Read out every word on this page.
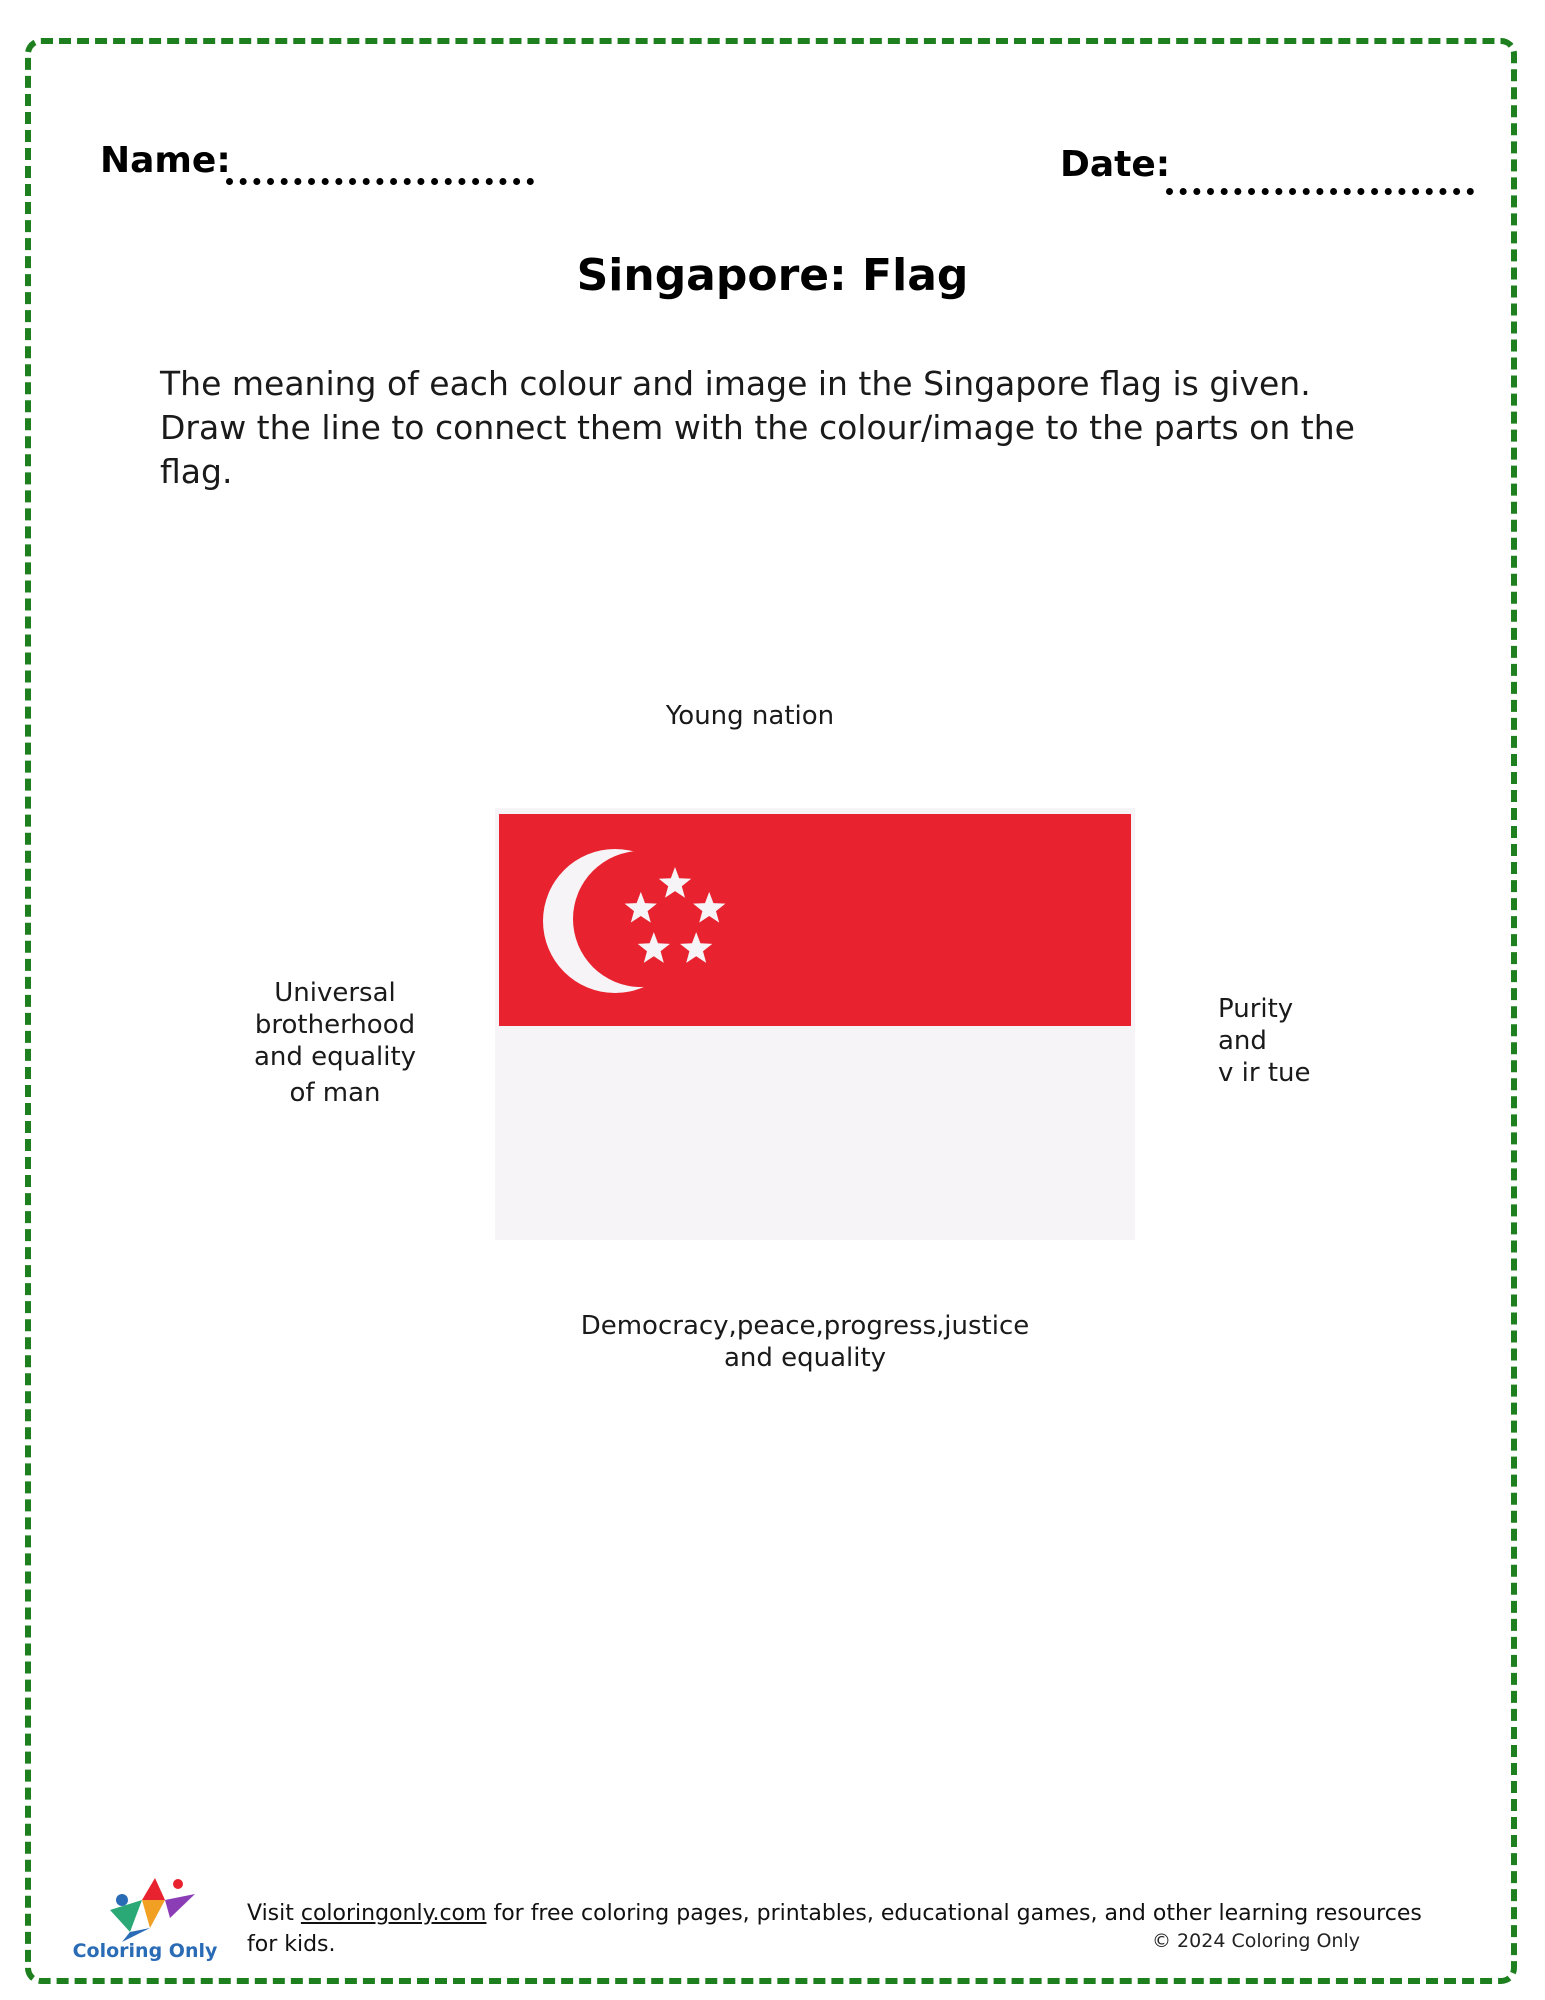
Name:	Date:
Singapore: Flag

The meaning of each colour and image in the Singapore flag is given. Draw the line to connect them with the colour/image to the parts on the flag.

Young nation
Universal
brotherhood
and equality
of man
Purity
and
v ir tue
Democracy,peace,progress,justice
and equality
Coloring Only
Visit coloringonly.com for free coloring pages, printables, educational games, and other learning resources for kids.	© 2024 Coloring Only
